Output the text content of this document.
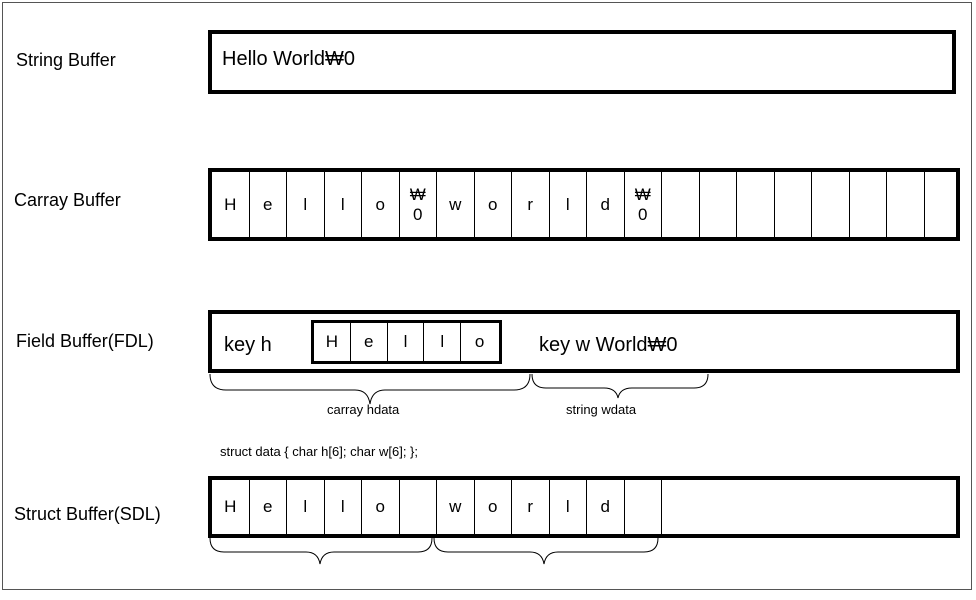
String Buffer	Hello World₩0
Carray Buffer	H	e	l	l	o
₩
0
w	o	r	l	d
₩
0
Field Buffer(FDL)	key h	H	e	l	l	o	key w World₩0
carray hdata	string wdata
struct data { char h[6]; char w[6]; };
Struct Buffer(SDL)	H	e	l	l	o	w	o	r	l	d
